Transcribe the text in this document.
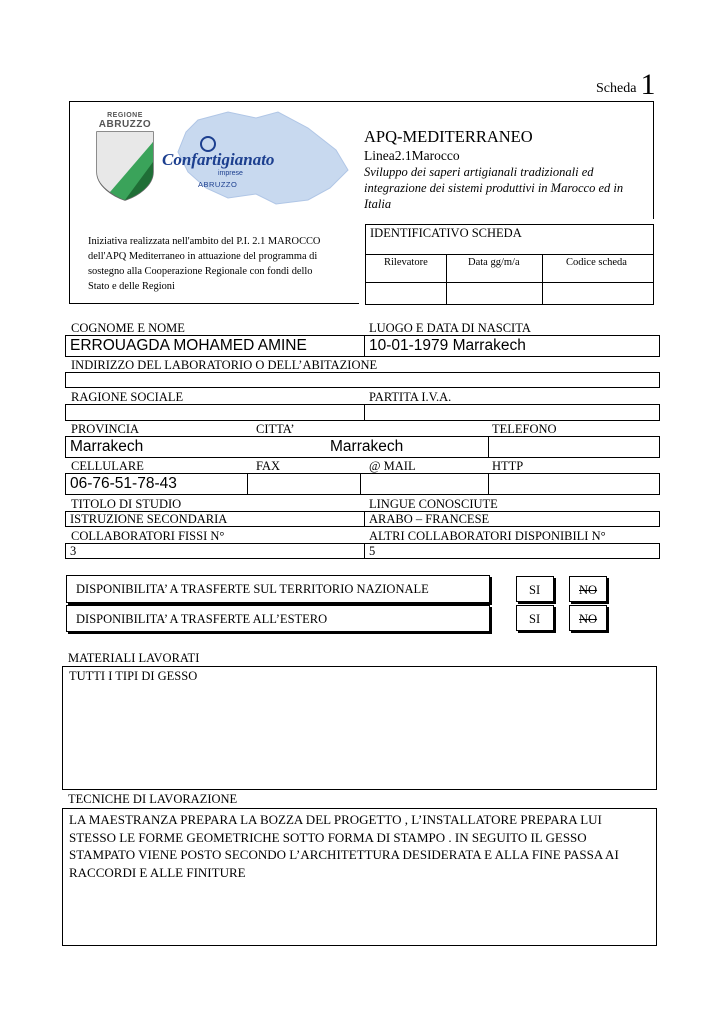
Scheda 1
REGIONE
ABRUZZO
Confartigianato
imprese
ABRUZZO
APQ-MEDITERRANEO
Linea2.1Marocco
Sviluppo dei saperi artigianali tradizionali ed integrazione dei sistemi produttivi in Marocco ed in Italia
Iniziativa realizzata nell'ambito del P.I. 2.1 MAROCCO dell'APQ Mediterraneo in attuazione del programma di sostegno alla Cooperazione Regionale con fondi dello Stato e delle Regioni
IDENTIFICATIVO SCHEDA
Rilevatore	Data gg/m/a	Codice scheda
COGNOME E NOME	LUOGO E DATA DI NASCITA
ERROUAGDA MOHAMED AMINE	10-01-1979 Marrakech
INDIRIZZO DEL LABORATORIO O DELL’ABITAZIONE
RAGIONE SOCIALE	PARTITA I.V.A.
PROVINCIA	CITTA’	TELEFONO
Marrakech	Marrakech
CELLULARE	FAX	@ MAIL	HTTP
06-76-51-78-43
TITOLO DI STUDIO	LINGUE CONOSCIUTE
ISTRUZIONE SECONDARIA	ARABO – FRANCESE
COLLABORATORI FISSI N°	ALTRI COLLABORATORI DISPONIBILI N°
3	5
DISPONIBILITA’ A TRASFERTE SUL TERRITORIO NAZIONALE	SI	NO
DISPONIBILITA’ A TRASFERTE ALL’ESTERO	SI	NO
MATERIALI LAVORATI
TUTTI I TIPI DI GESSO
TECNICHE DI LAVORAZIONE
LA MAESTRANZA PREPARA LA BOZZA DEL PROGETTO , L’INSTALLATORE PREPARA LUI STESSO LE FORME GEOMETRICHE SOTTO FORMA DI STAMPO . IN SEGUITO IL GESSO STAMPATO VIENE POSTO SECONDO L’ARCHITETTURA DESIDERATA E ALLA FINE PASSA AI RACCORDI E ALLE FINITURE
